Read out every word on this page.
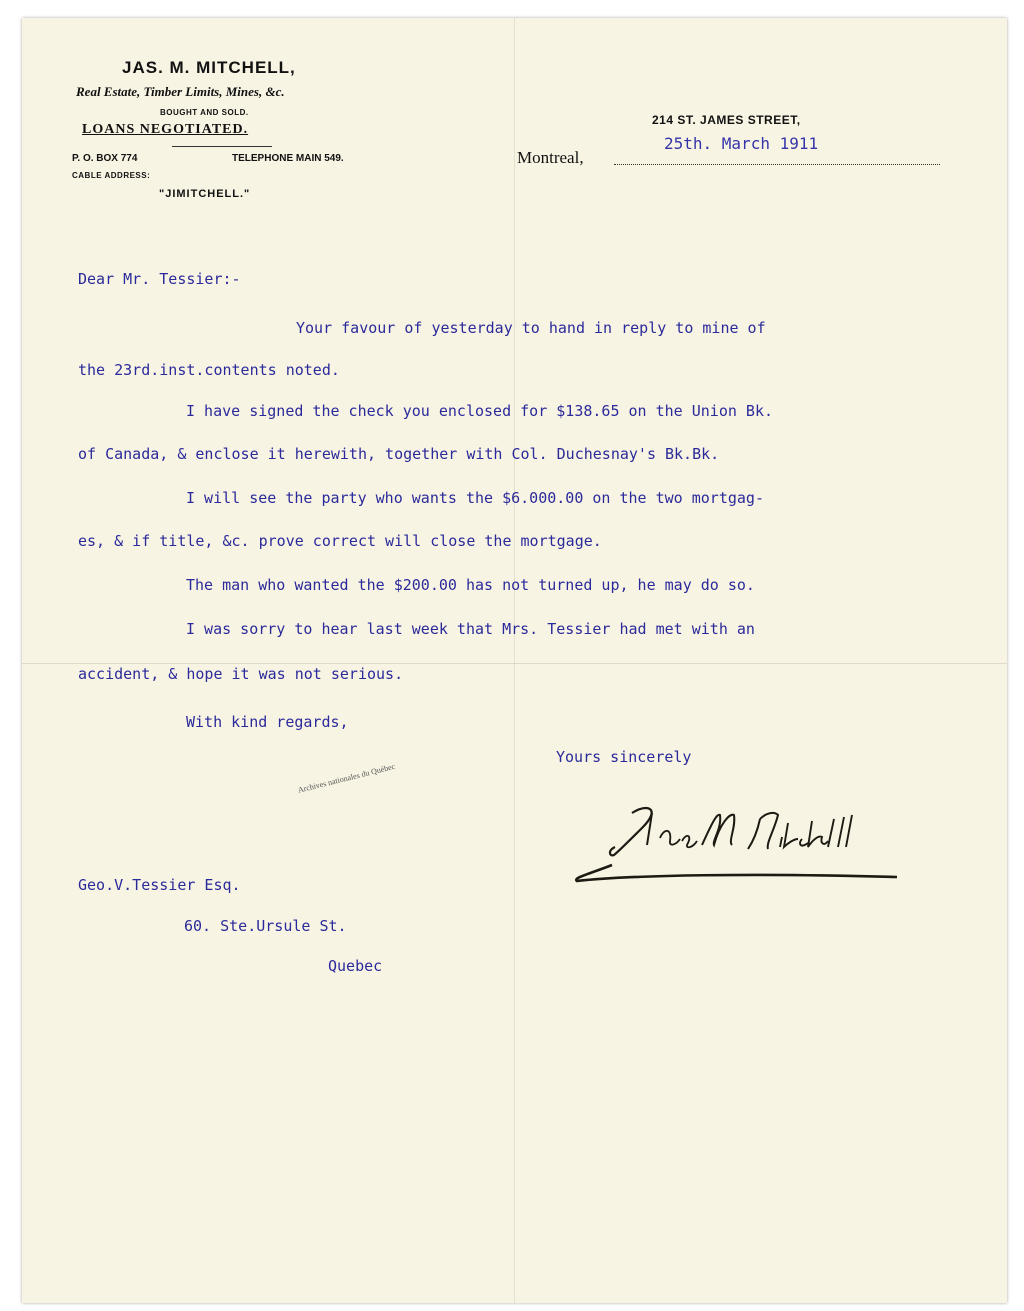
JAS. M. MITCHELL,
Real Estate, Timber Limits, Mines, &c.
BOUGHT AND SOLD.
LOANS NEGOTIATED.
P. O. BOX 774	TELEPHONE MAIN 549.
CABLE ADDRESS:
"JIMITCHELL."
214 ST. JAMES STREET,
25th. March 1911
Montreal,
Dear Mr. Tessier:-
Your favour of yesterday to hand in reply to mine of
the 23rd.inst.contents noted.
I have signed the check you enclosed for $138.65 on the Union Bk.
of Canada, & enclose it herewith, together with Col. Duchesnay's Bk.Bk.
I will see the party who wants the $6.000.00 on the two mortgag-
es, & if title, &c. prove correct will close the mortgage.
The man who wanted the $200.00 has not turned up, he may do so.
I was sorry to hear last week that Mrs. Tessier had met with an
accident, & hope it was not serious.
With kind regards,
Yours sincerely
Archives nationales du Québec
Geo.V.Tessier Esq.
60. Ste.Ursule St.
Quebec
